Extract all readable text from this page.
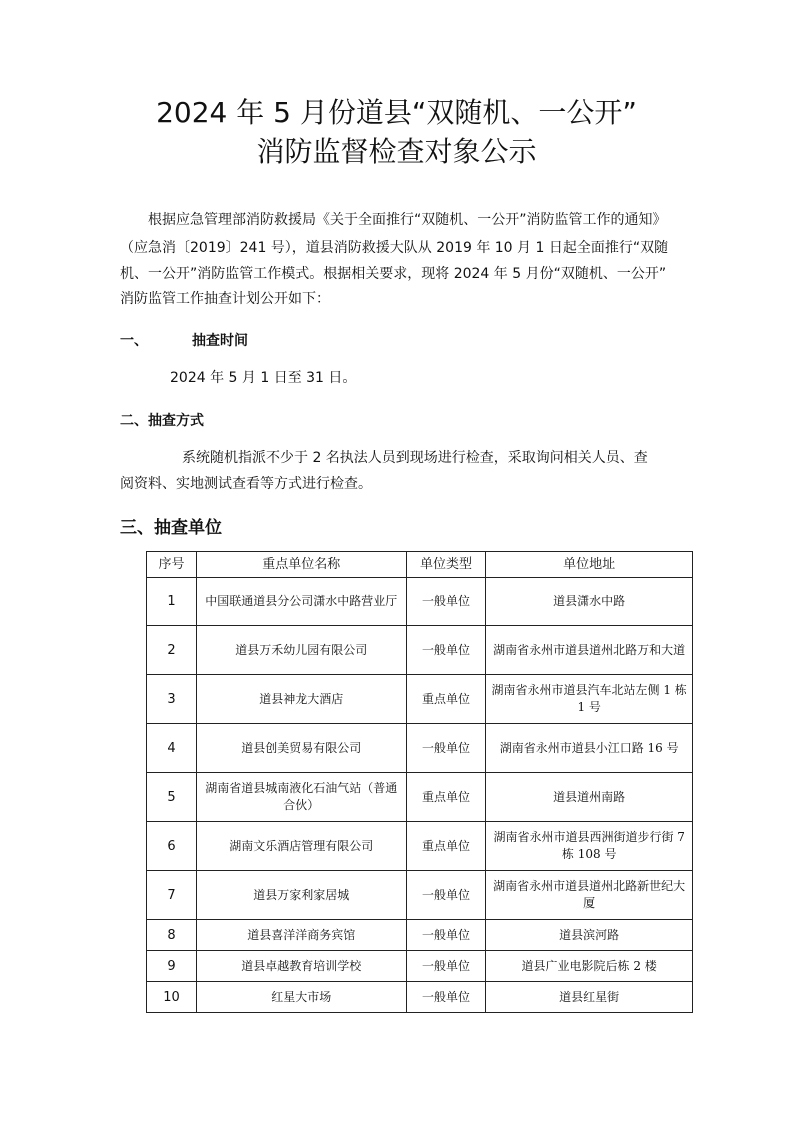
2024 年 5 月份道县“双随机、一公开”
消防监督检查对象公示

根据应急管理部消防救援局《关于全面推行“双随机、一公开”消防监管工作的通知》

（应急消〔2019〕241 号），道县消防救援大队从 2019 年 10 月 1 日起全面推行“双随

机、一公开”消防监管工作模式。根据相关要求，现将 2024 年 5 月份“双随机、一公开”

消防监管工作抽查计划公开如下：

一、	抽查时间

2024 年 5 月 1 日至 31 日。

二、抽查方式

系统随机指派不少于 2 名执法人员到现场进行检查，采取询问相关人员、查

阅资料、实地测试查看等方式进行检查。

三、抽查单位

序号	重点单位名称	单位类型	单位地址
1	中国联通道县分公司潇水中路营业厅	一般单位	道县潇水中路
2	道县万禾幼儿园有限公司	一般单位	湖南省永州市道县道州北路万和大道
3	道县神龙大酒店	重点单位	湖南省永州市道县汽车北站左侧 1 栋 1 号
4	道县创美贸易有限公司	一般单位	湖南省永州市道县小江口路 16 号
5	湖南省道县城南液化石油气站（普通合伙）	重点单位	道县道州南路
6	湖南文乐酒店管理有限公司	重点单位	湖南省永州市道县西洲街道步行街 7 栋 108 号
7	道县万家利家居城	一般单位	湖南省永州市道县道州北路新世纪大厦
8	道县喜洋洋商务宾馆	一般单位	道县滨河路
9	道县卓越教育培训学校	一般单位	道县广业电影院后栋 2 楼
10	红星大市场	一般单位	道县红星街
